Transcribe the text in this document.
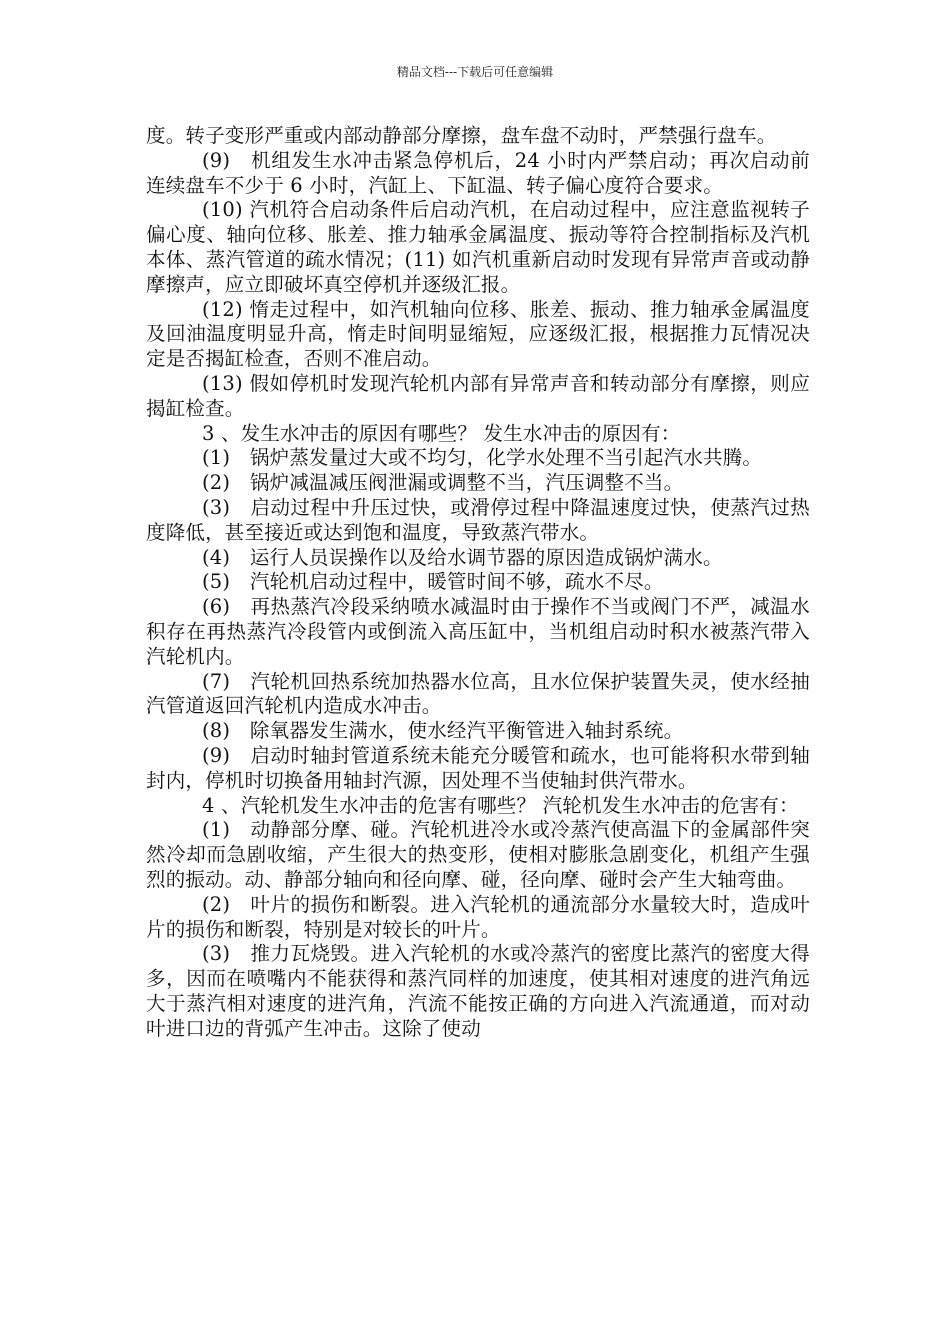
精品文档---下载后可任意编辑

度。转子变形严重或内部动静部分摩擦，盘车盘不动时，严禁强行盘车。

(9)　机组发生水冲击紧急停机后，24 小时内严禁启动；再次启动前连续盘车不少于 6 小时，汽缸上、下缸温、转子偏心度符合要求。

(10) 汽机符合启动条件后启动汽机，在启动过程中，应注意监视转子偏心度、轴向位移、胀差、推力轴承金属温度、振动等符合控制指标及汽机本体、蒸汽管道的疏水情况；(11) 如汽机重新启动时发现有异常声音或动静摩擦声，应立即破坏真空停机并逐级汇报。

(12) 惰走过程中，如汽机轴向位移、胀差、振动、推力轴承金属温度及回油温度明显升高，惰走时间明显缩短，应逐级汇报，根据推力瓦情况决定是否揭缸检查，否则不准启动。

(13) 假如停机时发现汽轮机内部有异常声音和转动部分有摩擦，则应揭缸检查。

3 、发生水冲击的原因有哪些？ 发生水冲击的原因有：

(1)　锅炉蒸发量过大或不均匀，化学水处理不当引起汽水共腾。

(2)　锅炉减温减压阀泄漏或调整不当，汽压调整不当。

(3)　启动过程中升压过快，或滑停过程中降温速度过快，使蒸汽过热度降低，甚至接近或达到饱和温度，导致蒸汽带水。

(4)　运行人员误操作以及给水调节器的原因造成锅炉满水。

(5)　汽轮机启动过程中，暖管时间不够，疏水不尽。

(6)　再热蒸汽冷段采纳喷水减温时由于操作不当或阀门不严，减温水积存在再热蒸汽冷段管内或倒流入高压缸中，当机组启动时积水被蒸汽带入汽轮机内。

(7)　汽轮机回热系统加热器水位高，且水位保护装置失灵，使水经抽汽管道返回汽轮机内造成水冲击。

(8)　除氧器发生满水，使水经汽平衡管进入轴封系统。

(9)　启动时轴封管道系统未能充分暖管和疏水，也可能将积水带到轴封内，停机时切换备用轴封汽源，因处理不当使轴封供汽带水。

4 、汽轮机发生水冲击的危害有哪些？ 汽轮机发生水冲击的危害有：

(1)　动静部分摩、碰。汽轮机进冷水或冷蒸汽使高温下的金属部件突然冷却而急剧收缩，产生很大的热变形，使相对膨胀急剧变化，机组产生强烈的振动。动、静部分轴向和径向摩、碰，径向摩、碰时会产生大轴弯曲。

(2)　叶片的损伤和断裂。进入汽轮机的通流部分水量较大时，造成叶片的损伤和断裂，特别是对较长的叶片。

(3)　推力瓦烧毁。进入汽轮机的水或冷蒸汽的密度比蒸汽的密度大得多，因而在喷嘴内不能获得和蒸汽同样的加速度，使其相对速度的进汽角远大于蒸汽相对速度的进汽角，汽流不能按正确的方向进入汽流通道，而对动叶进口边的背弧产生冲击。这除了使动
